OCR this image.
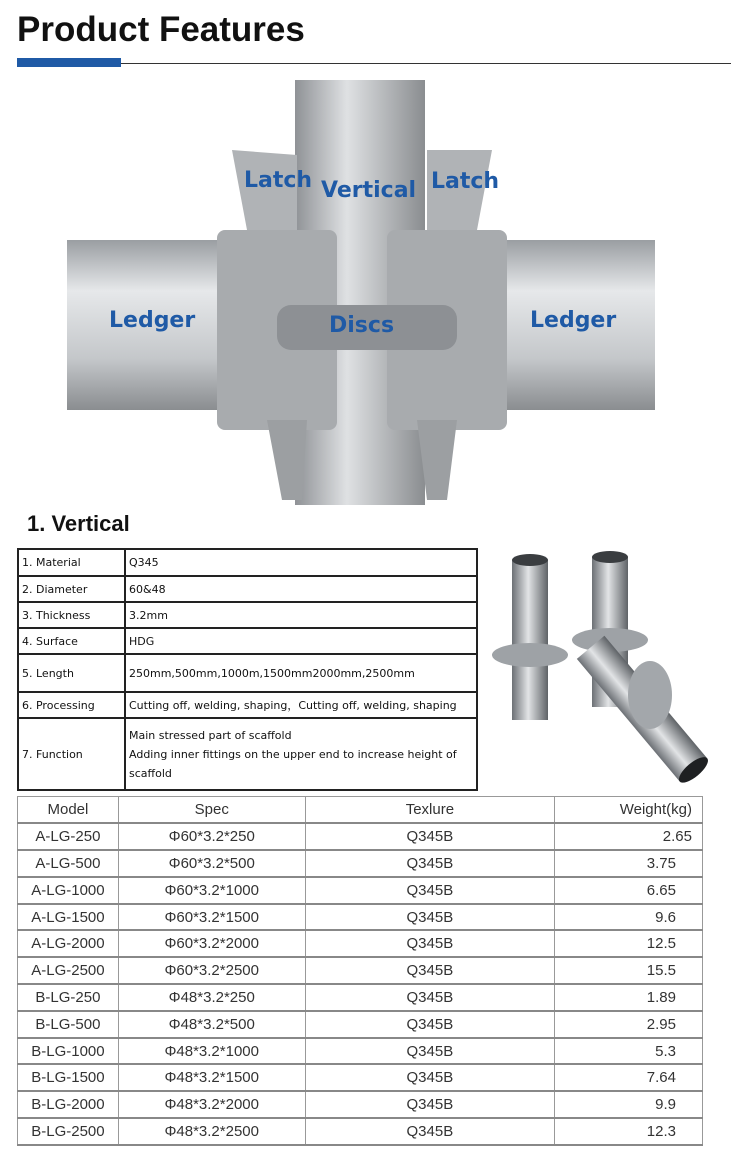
Product Features
Latch Vertical Latch
Ledger	Discs	Ledger
1. Vertical
1. Material	Q345
2. Diameter	60&48
3. Thickness	3.2mm
4. Surface	HDG
5. Length	250mm,500mm,1000m,1500mm2000mm,2500mm
6. Processing	Cutting off, welding, shaping，Cutting off, welding, shaping
7. Function	Main stressed part of scaffold
Adding inner fittings on the upper end to increase height of scaffold
Model	Spec	Texlure	Weight(kg)
A-LG-250	Φ60*3.2*250	Q345B	2.65
A-LG-500	Φ60*3.2*500	Q345B	3.75
A-LG-1000	Φ60*3.2*1000	Q345B	6.65
A-LG-1500	Φ60*3.2*1500	Q345B	9.6
A-LG-2000	Φ60*3.2*2000	Q345B	12.5
A-LG-2500	Φ60*3.2*2500	Q345B	15.5
B-LG-250	Φ48*3.2*250	Q345B	1.89
B-LG-500	Φ48*3.2*500	Q345B	2.95
B-LG-1000	Φ48*3.2*1000	Q345B	5.3
B-LG-1500	Φ48*3.2*1500	Q345B	7.64
B-LG-2000	Φ48*3.2*2000	Q345B	9.9
B-LG-2500	Φ48*3.2*2500	Q345B	12.3
